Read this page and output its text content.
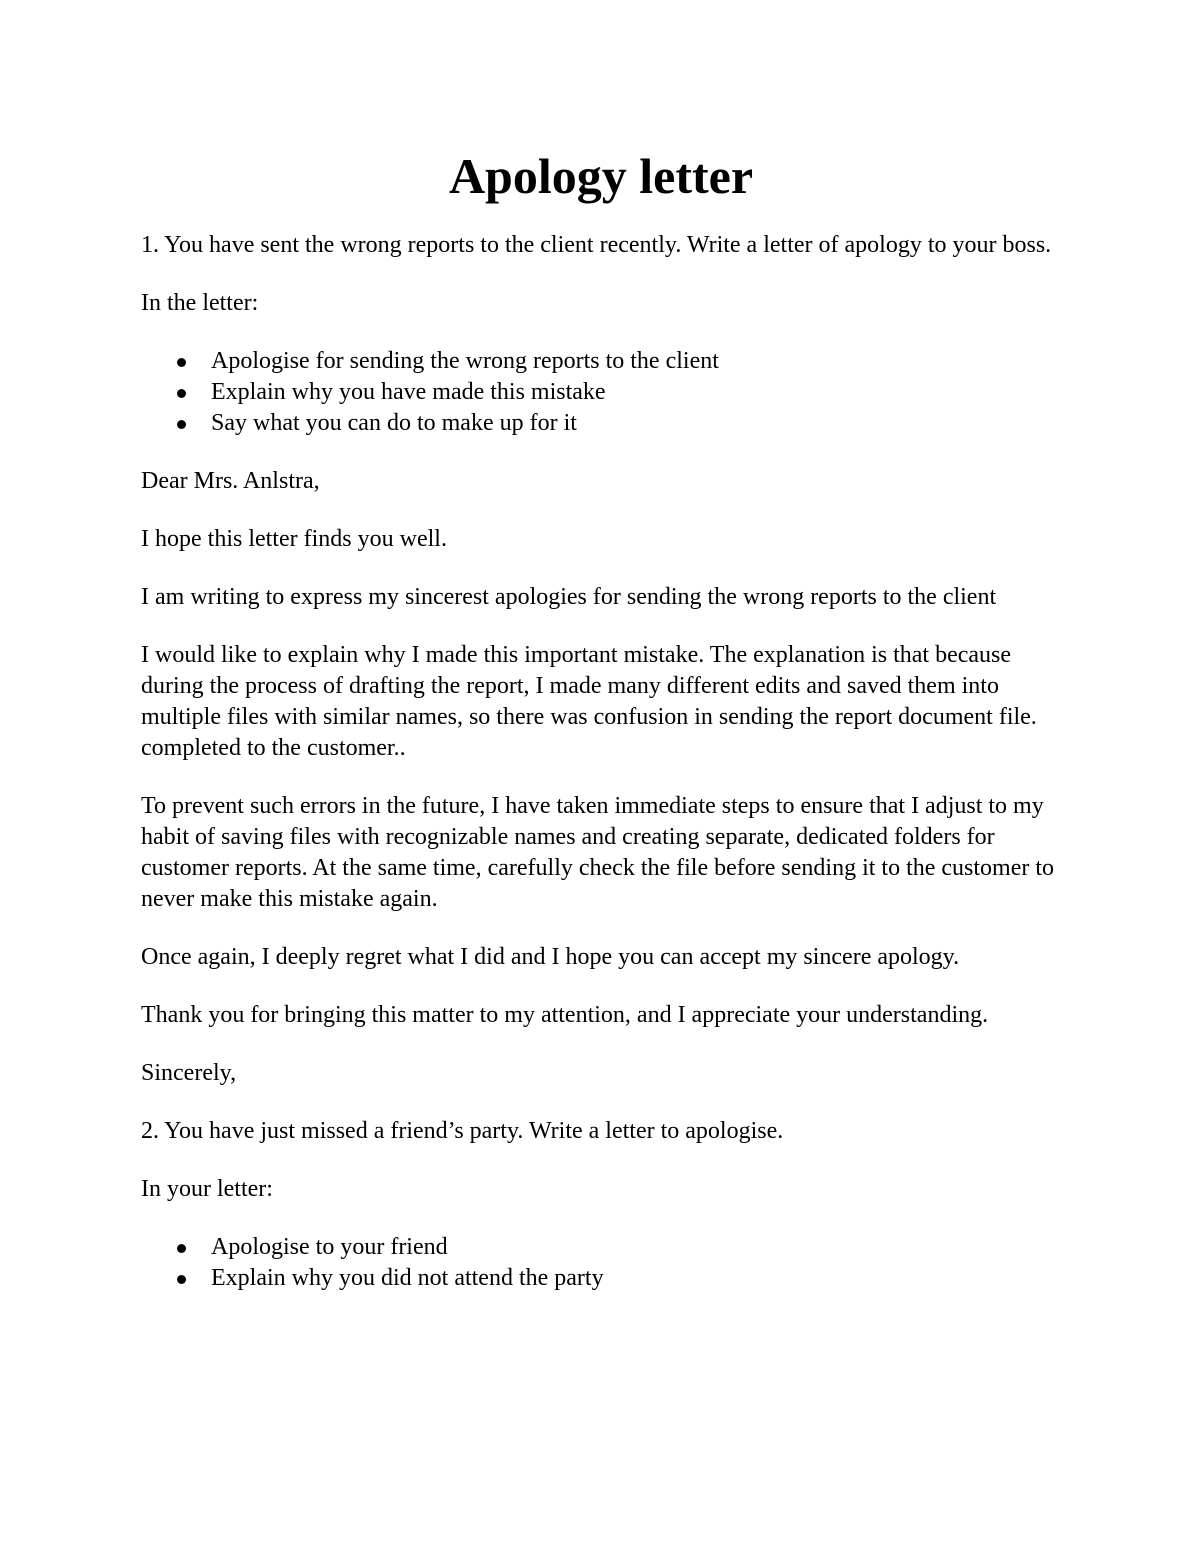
Apology letter

1. You have sent the wrong reports to the client recently. Write a letter of apology to your boss.

In the letter:

Apologise for sending the wrong reports to the client
Explain why you have made this mistake
Say what you can do to make up for it

Dear Mrs. Anlstra,

I hope this letter finds you well.

I am writing to express my sincerest apologies for sending the wrong reports to the client

I would like to explain why I made this important mistake. The explanation is that because during the process of drafting the report, I made many different edits and saved them into multiple files with similar names, so there was confusion in sending the report document file. completed to the customer..

To prevent such errors in the future, I have taken immediate steps to ensure that I adjust to my habit of saving files with recognizable names and creating separate, dedicated folders for customer reports. At the same time, carefully check the file before sending it to the customer to never make this mistake again.

Once again, I deeply regret what I did and I hope you can accept my sincere apology.

Thank you for bringing this matter to my attention, and I appreciate your understanding.

Sincerely,

2. You have just missed a friend’s party. Write a letter to apologise.

In your letter:

Apologise to your friend
Explain why you did not attend the party
